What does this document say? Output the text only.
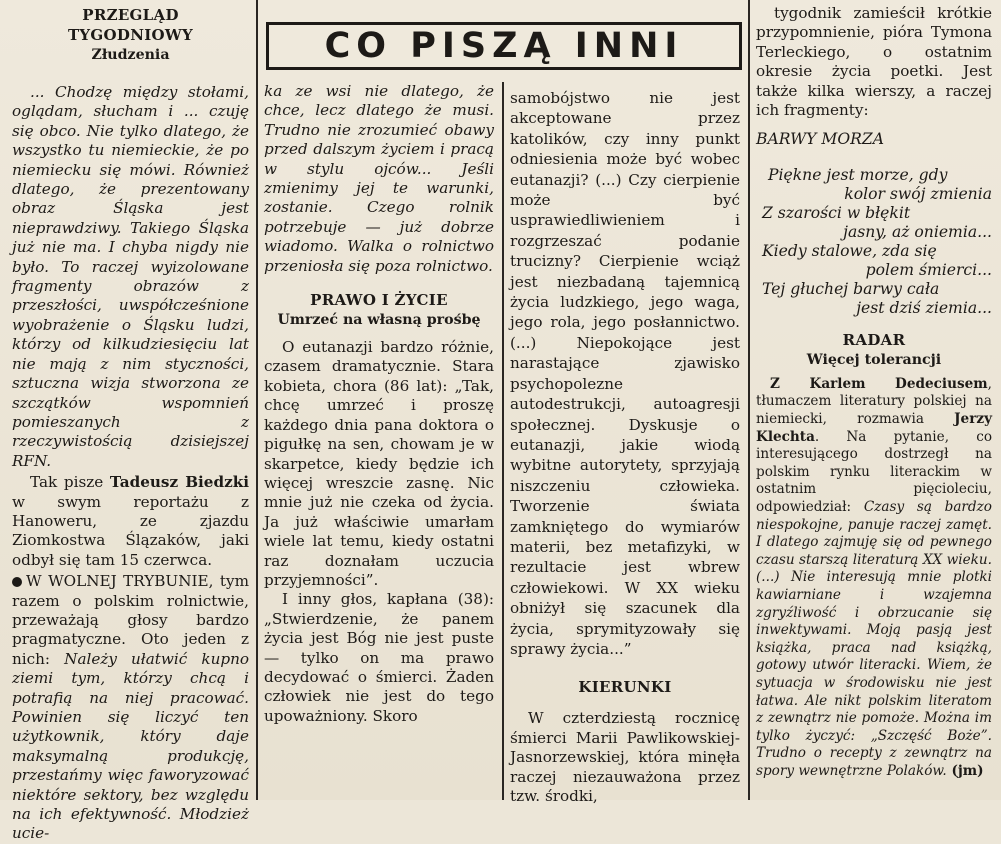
PRZEGLĄD
TYGODNIOWY
Złudzenia

... Chodzę między stołami, oglądam, słucham i ... czuję się obco. Nie tylko dlatego, że wszystko tu niemieckie, że po niemiecku się mówi. Również dlatego, że prezentowany obraz Śląska jest nieprawdziwy. Takiego Śląska już nie ma. I chyba nigdy nie było. To raczej wyizolowane fragmenty obrazów z przeszłości, uwspółcześnione wyobrażenie o Śląsku ludzi, którzy od kilkudziesięciu lat nie mają z nim styczności, sztuczna wizja stworzona ze szczątków wspomnień pomieszanych z rzeczywistością dzisiejszej RFN.

Tak pisze Tadeusz Biedzki w swym reportażu z Hanoweru, ze zjazdu Ziomkostwa Ślązaków, jaki odbył się tam 15 czerwca.

W WOLNEJ TRYBUNIE, tym razem o polskim rolnictwie, przeważają głosy bardzo pragmatyczne. Oto jeden z nich: Należy ułatwić kupno ziemi tym, którzy chcą i potrafią na niej pracować. Powinien się liczyć ten użytkownik, który daje maksymalną produkcję, przestańmy więc faworyzować niektóre sektory, bez względu na ich efektywność. Młodzież ucie-

CO PISZĄ INNI

ka ze wsi nie dlatego, że chce, lecz dlatego że musi. Trudno nie zrozumieć obawy przed dalszym życiem i pracą w stylu ojców... Jeśli zmienimy jej te warunki, zostanie. Czego rolnik potrzebuje — już dobrze wiadomo. Walka o rolnictwo przeniosła się poza rolnictwo.

PRAWO I ŻYCIE
Umrzeć na własną prośbę

O eutanazji bardzo różnie, czasem dramatycznie. Stara kobieta, chora (86 lat): „Tak, chcę umrzeć i proszę każdego dnia pana doktora o pigułkę na sen, chowam je w skarpetce, kiedy będzie ich więcej wreszcie zasnę. Nic mnie już nie czeka od życia. Ja już właściwie umarłam wiele lat temu, kiedy ostatni raz doznałam uczucia przyjemności”.

I inny głos, kapłana (38): „Stwierdzenie, że panem życia jest Bóg nie jest puste — tylko on ma prawo decydować o śmierci. Żaden człowiek nie jest do tego upoważniony. Skoro

samobójstwo nie jest akceptowane przez katolików, czy inny punkt odniesienia może być wobec eutanazji? (...) Czy cierpienie może być usprawiedliwieniem i rozgrzeszać podanie trucizny? Cierpienie wciąż jest niezbadaną tajemnicą życia ludzkiego, jego waga, jego rola, jego posłannictwo. (...) Niepokojące jest narastające zjawisko psychopolezne autodestrukcji, autoagresji społecznej. Dyskusje o eutanazji, jakie wiodą wybitne autorytety, sprzyjają niszczeniu człowieka. Tworzenie świata zamkniętego do wymiarów materii, bez metafizyki, w rezultacie jest wbrew człowiekowi. W XX wieku obniżył się szacunek dla życia, sprymityzowały się sprawy życia...”

KIERUNKI

W czterdziestą rocznicę śmierci Marii Pawlikowskiej-Jasnorzewskiej, która minęła raczej niezauważona przez tzw. środki,

tygodnik zamieścił krótkie przypomnienie, pióra Tymona Terleckiego, o ostatnim okresie życia poetki. Jest także kilka wierszy, a raczej ich fragmenty:

BARWY MORZA
Piękne jest morze, gdy
kolor swój zmienia
Z szarości w błękit
jasny, aż oniemia...
Kiedy stalowe, zda się
polem śmierci...
Tej głuchej barwy cała
jest dziś ziemia...
RADAR
Więcej tolerancji

Z Karlem Dedeciusem, tłumaczem literatury polskiej na niemiecki, rozmawia Jerzy Klechta. Na pytanie, co interesującego dostrzegł na polskim rynku literackim w ostatnim pięcioleciu, odpowiedział: Czasy są bardzo niespokojne, panuje raczej zamęt. I dlatego zajmuję się od pewnego czasu starszą literaturą XX wieku. (...) Nie interesują mnie plotki kawiarniane i wzajemna zgryźliwość i obrzucanie się inwektywami. Moją pasją jest książka, praca nad książką, gotowy utwór literacki. Wiem, że sytuacja w środowisku nie jest łatwa. Ale nikt polskim literatom z zewnątrz nie pomoże. Można im tylko życzyć: „Szczęść Boże”. Trudno o recepty z zewnątrz na spory wewnętrzne Polaków. (jm)
